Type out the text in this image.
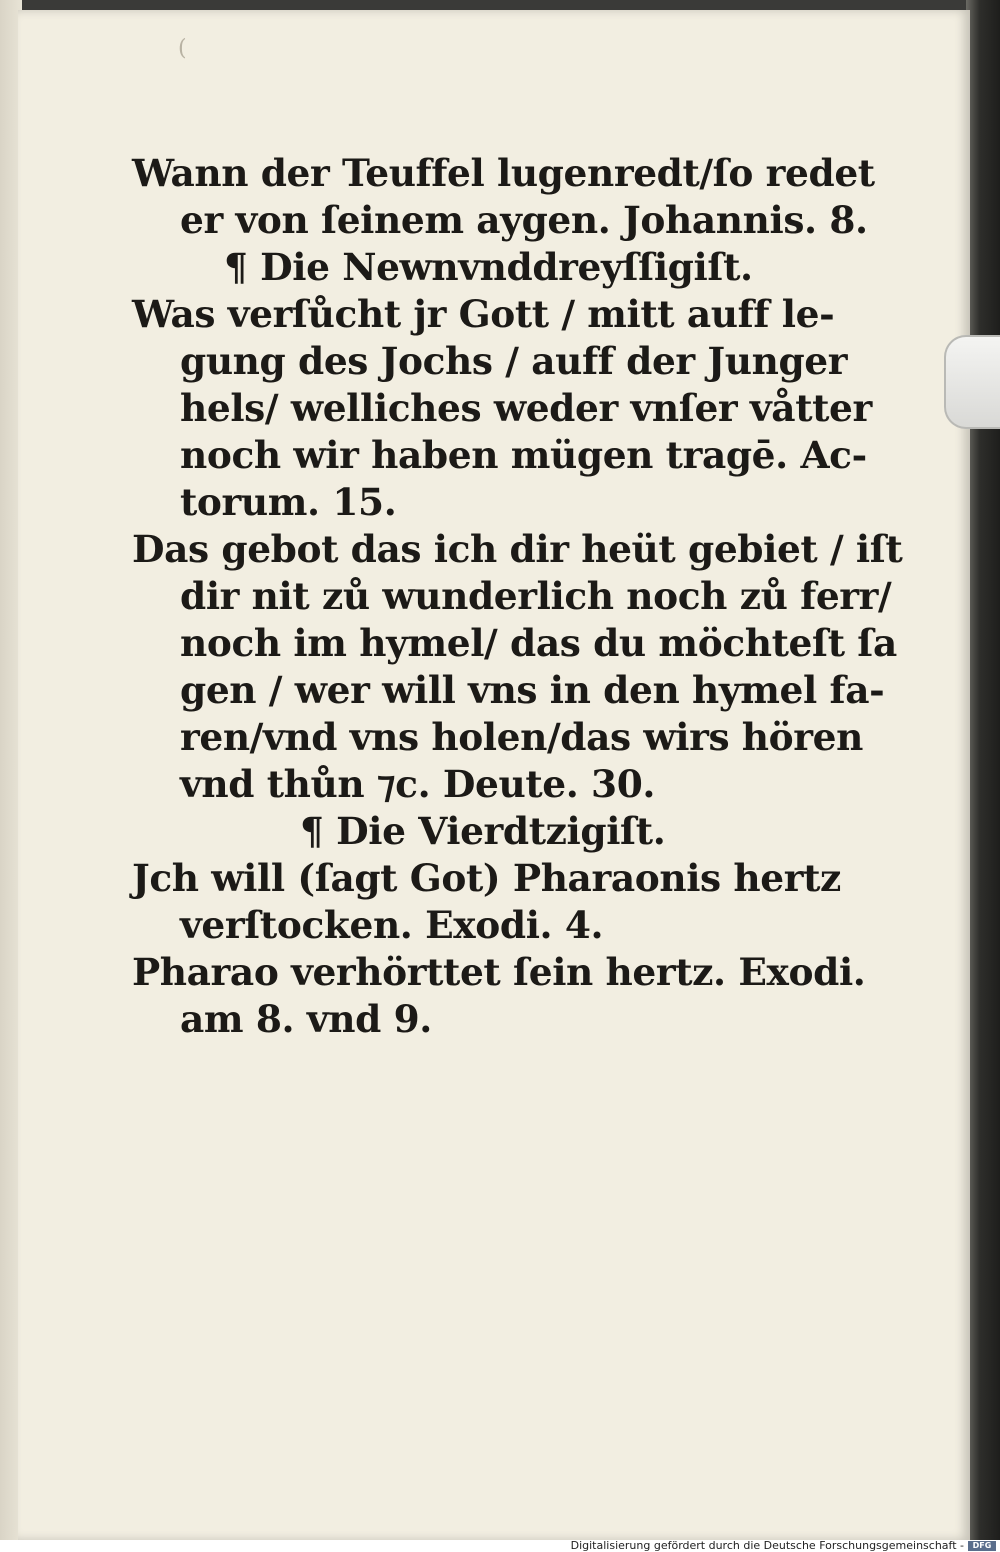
(
Wann der Teuffel lugenredt/ſo redet
er von ſeinem aygen. Johannis. 8.
¶ Die Newnvnddreyſſigiſt.
Was verſůcht jr Gott / mitt auff le-
gung des Jochs / auff der Junger
hels/ welliches weder vnſer våtter
noch wir haben mügen tragē. Ac-
torum. 15.
Das gebot das ich dir heüt gebiet / iſt
dir nit zů wunderlich noch zů ferr/
noch im hymel/ das du möchteſt ſa
gen / wer will vns in den hymel fa-
ren/vnd vns holen/das wirs hören
vnd thůn ⁊c. Deute. 30.
¶ Die Vierdtzigiſt.
Jch will (ſagt Got) Pharaonis hertz
verſtocken. Exodi. 4.
Pharao verhörttet ſein hertz. Exodi.
am 8. vnd 9.
Digitalisierung gefördert durch die Deutsche Forschungsgemeinschaft -	DFG
